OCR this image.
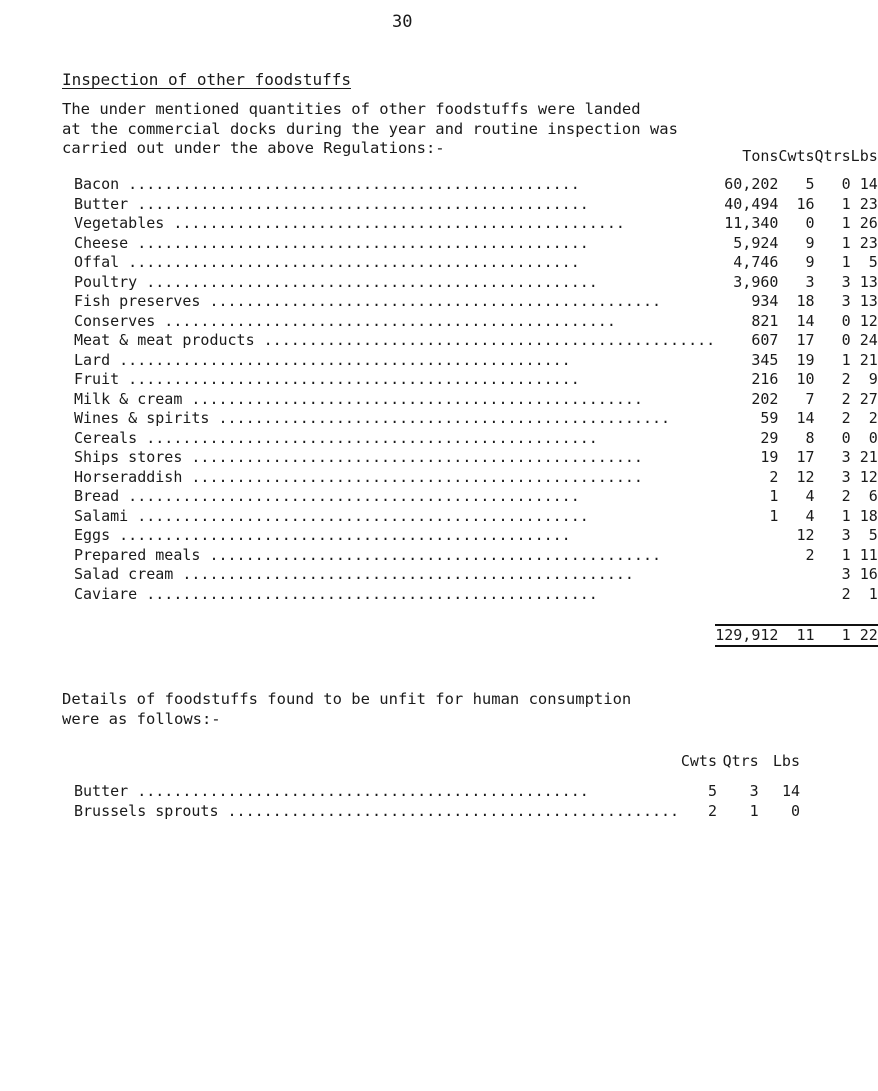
30
Inspection of other foodstuffs
The under mentioned quantities of other foodstuffs were landed
at the commercial docks during the year and routine inspection was
carried out under the above Regulations:-
		Tons	Cwts	Qtrs	Lbs

Bacon .....	60,202	5	0	14

Butter .....	40,494	16	1	23

Vegetables .....	11,340	0	1	26

Cheese .....	5,924	9	1	23

Offal .....	4,746	9	1	5

Poultry .....	3,960	3	3	13

Fish preserves .....	934	18	3	13

Conserves .....	821	14	0	12

Meat & meat products .....	607	17	0	24

Lard .....	345	19	1	21

Fruit .....	216	10	2	9

Milk & cream .....	202	7	2	27

Wines & spirits .....	59	14	2	2

Cereals .....	29	8	0	0

Ships stores .....	19	17	3	21

Horseraddish .....	2	12	3	12

Bread .....	1	4	2	6

Salami .....	1	4	1	18

Eggs .....		12	3	5

Prepared meals .....		2	1	11

Salad cream .....			3	16

Caviare .....			2	1

	129,912	11	1	22
Details of foodstuffs found to be unfit for human consumption
were as follows:-
	Cwts	Qtrs	Lbs

Butter .....	5	3	14

Brussels sprouts .....	2	1	0
